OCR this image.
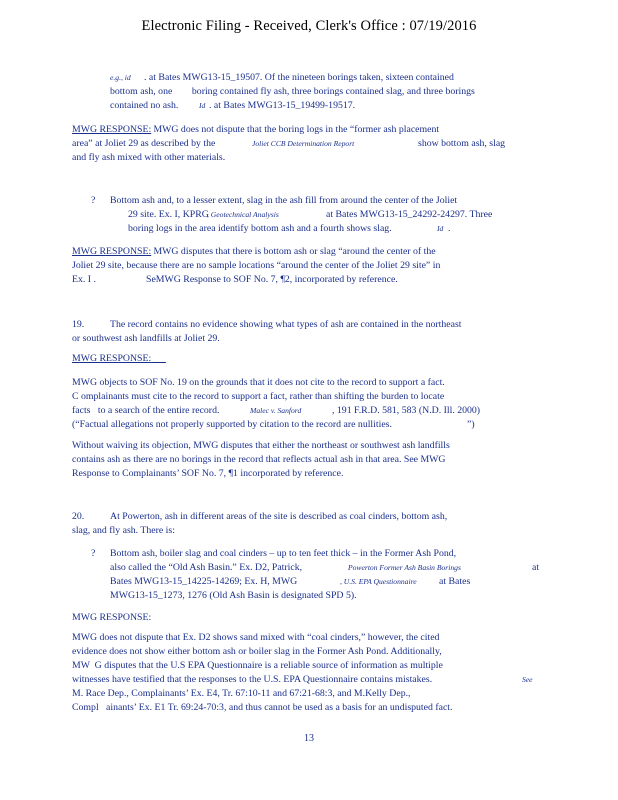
Electronic Filing - Received, Clerk's Office : 07/19/2016
e.g., id . at Bates MWG13-15_19507. Of the nineteen borings taken, sixteen contained
bottom ash, one        boring contained fly ash, three borings contained slag, and three borings
contained no ash.	Id . at Bates MWG13-15_19499-19517.
MWG RESPONSE: MWG does not dispute that the boring logs in the “former ash placement
area” at Joliet 29 as described by the	Joliet CCB Determination Report	show bottom ash, slag
and fly ash mixed with other materials.
? Bottom ash and, to a lesser extent, slag in the ash fill from around the center of the Joliet
29 site. Ex. I, KPRG
, Geotechnical Analysis	at Bates MWG13-15_24292-24297. Three
boring logs in the area identify bottom ash and a fourth shows slag.	Id .
MWG RESPONSE: MWG disputes that there is bottom ash or slag “around the center of the
Joliet 29 site, because there are no sample locations “around the center of the Joliet 29 site” in
Ex. I .	SeMWG Response to SOF No. 7, ¶2, incorporated by reference.
19.	The record contains no evidence showing what types of ash are contained in the northeast
or southwest ash landfills at Joliet 29.
MWG RESPONSE:
MWG objects to SOF No. 19 on the grounds that it does not cite to the record to support a fact.
C omplainants must cite to the record to support a fact, rather than shifting the burden to locate
facts   to a search of the entire record.	Malec v. Sanford	, 191 F.R.D. 581, 583 (N.D. Ill. 2000)
(“Factual allegations not properly supported by citation to the record are nullities.	”)
Without waiving its objection, MWG disputes that either the northeast or southwest ash landfills
contains ash as there are no borings in the record that reflects actual ash in that area. See MWG
Response to Complainants’ SOF No. 7, ¶1 incorporated by reference.
20.	At Powerton, ash in different areas of the site is described as coal cinders, bottom ash,
slag, and fly ash. There is:
? Bottom ash, boiler slag and coal cinders – up to ten feet thick – in the Former Ash Pond,
also called the “Old Ash Basin.” Ex. D2, Patrick,	Powerton Former Ash Basin Borings	at
Bates MWG13-15_14225-14269; Ex. H, MWG	, U.S. EPA Questionnaire at Bates
MWG13-15_1273, 1276 (Old Ash Basin is designated SPD 5).
MWG RESPONSE:
MWG does not dispute that Ex. D2 shows sand mixed with “coal cinders,” however, the cited
evidence does not show either bottom ash or boiler slag in the Former Ash Pond. Additionally,
MW  G disputes that the U.S EPA Questionnaire is a reliable source of information as multiple
witnesses have testified that the responses to the U.S. EPA Questionnaire contains mistakes.	See
M. Race Dep., Complainants’ Ex. E4, Tr. 67:10-11 and 67:21-68:3, and M.Kelly Dep.,
Compl   ainants’ Ex. E1 Tr. 69:24-70:3, and thus cannot be used as a basis for an undisputed fact.
13
